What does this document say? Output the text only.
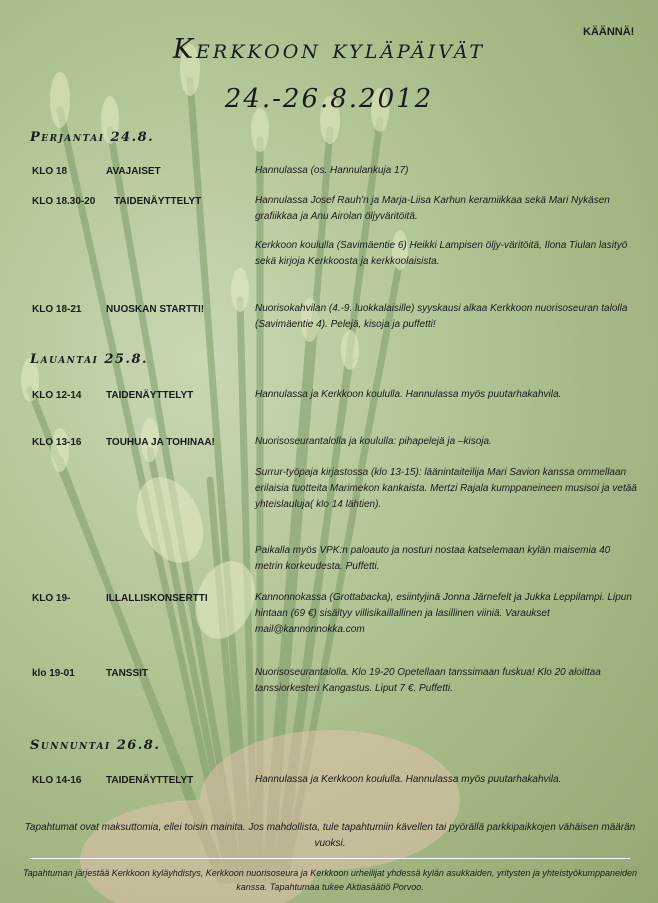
KÄÄNNÄ!
Kerkkoon kyläpäivät
24.-26.8.2012
Perjantai 24.8.
KLO 18	AVAJAISET	Hannulassa (os. Hannulankuja 17)
KLO 18.30-20 TAIDENÄYTTELYT	Hannulassa Josef Rauh'n ja Marja-Liisa Karhun keramiikkaa sekä Mari Nykäsen grafiikkaa ja Anu Airolan öljyväritöitä.
Kerkkoon koululla (Savimäentie 6) Heikki Lampisen öljy-väritöitä, Ilona Tiulan lasityö sekä kirjoja Kerkkoosta ja kerkkoolaisista.
KLO 18-21 NUOSKAN STARTTI!	Nuorisokahvilan (4.-9. luokkalaisille) syyskausi alkaa Kerkkoon nuorisoseuran talolla (Savimäentie 4). Pelejä, kisoja ja puffetti!
Lauantai 25.8.
KLO 12-14 TAIDENÄYTTELYT	Hannulassa ja Kerkkoon koululla. Hannulassa myös puutarhakahvila.
KLO 13-16 TOUHUA JA TOHINAA!	Nuorisoseurantalolla ja koululla: pihapelejä ja –kisoja.
Surrur-työpaja kirjastossa (klo 13-15): läänintaiteilija Mari Savion kanssa ommellaan erilaisia tuotteita Marimekon kankaista. Mertzi Rajala kumppaneineen musisoi ja vetää yhteislauluja( klo 14 lähtien).
Paikalla myös VPK:n paloauto ja nosturi nostaa katselemaan kylän maisemia 40 metrin korkeudesta. Puffetti.
KLO 19-	ILLALLISKONSERTTI	Kannonnokassa (Grottabacka), esiintyjinä Jonna Järnefelt ja Jukka Leppilampi. Lipun hintaan (69 €) sisältyy villisikaillallinen ja lasillinen viiniä. Varaukset mail@kannonnokka.com
klo 19-01	TANSSIT	Nuorisoseurantalolla. Klo 19-20 Opetellaan tanssimaan fuskua! Klo 20 aloittaa tanssiorkesteri Kangastus. Liput 7 €. Puffetti.
Sunnuntai 26.8.
KLO 14-16 TAIDENÄYTTELYT	Hannulassa ja Kerkkoon koululla. Hannulassa myös puutarhakahvila.
Tapahtumat ovat maksuttomia, ellei toisin mainita. Jos mahdollista, tule tapahtumiin kävellen tai pyörällä parkkipaikkojen vähäisen määrän vuoksi.
Tapahtuman järjestää Kerkkoon kyläyhdistys, Kerkkoon nuorisoseura ja Kerkkoon urheilijat yhdessä kylän asukkaiden, yritysten ja yhteistyökumppaneiden kanssa. Tapahtumaa tukee Aktiasäätiö Porvoo.
